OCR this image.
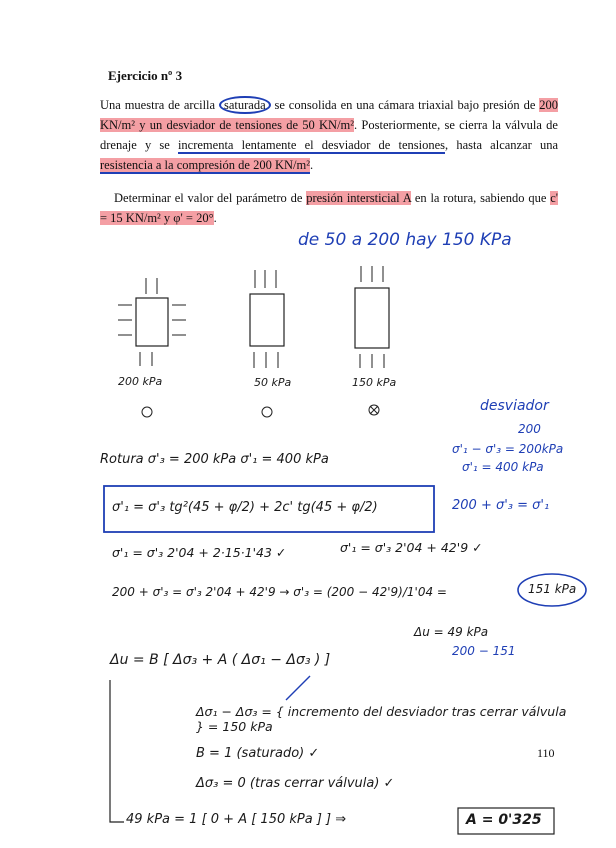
Ejercicio nº 3
Una muestra de arcilla saturada se consolida en una cámara triaxial bajo presión de 200 KN/m² y un desviador de tensiones de 50 KN/m². Posteriormente, se cierra la válvula de drenaje y se incrementa lentamente el desviador de tensiones, hasta alcanzar una resistencia a la compresión de 200 KN/m².
Determinar el valor del parámetro de presión intersticial A en la rotura, sabiendo que c' = 15 KN/m² y φ' = 20°.
de 50 a 200 hay 150 KPa
200 kPa	50 kPa	150 kPa
desviador
200
Rotura σ'₃ = 200 kPa σ'₁ = 400 kPa
σ'₁ − σ'₃ = 200kPa
σ'₁ = 400 kPa
σ'₁ = σ'₃ tg²(45 + φ/2) + 2c' tg(45 + φ/2)	200 + σ'₃ = σ'₁
σ'₁ = σ'₃ 2'04 + 2·15·1'43 ✓	σ'₁ = σ'₃ 2'04 + 42'9 ✓
200 + σ'₃ = σ'₃ 2'04 + 42'9 → σ'₃ = (200 − 42'9)/1'04 =	151 kPa
Δu = 49 kPa
200 − 151
Δu = B [ Δσ₃ + A ( Δσ₁ − Δσ₃ ) ]
Δσ₁ − Δσ₃ = { incremento del desviador tras cerrar válvula } = 150 kPa
B = 1 (saturado) ✓
Δσ₃ = 0 (tras cerrar válvula) ✓
49 kPa = 1 [ 0 + A [ 150 kPa ] ] ⇒	A = 0'325
110
